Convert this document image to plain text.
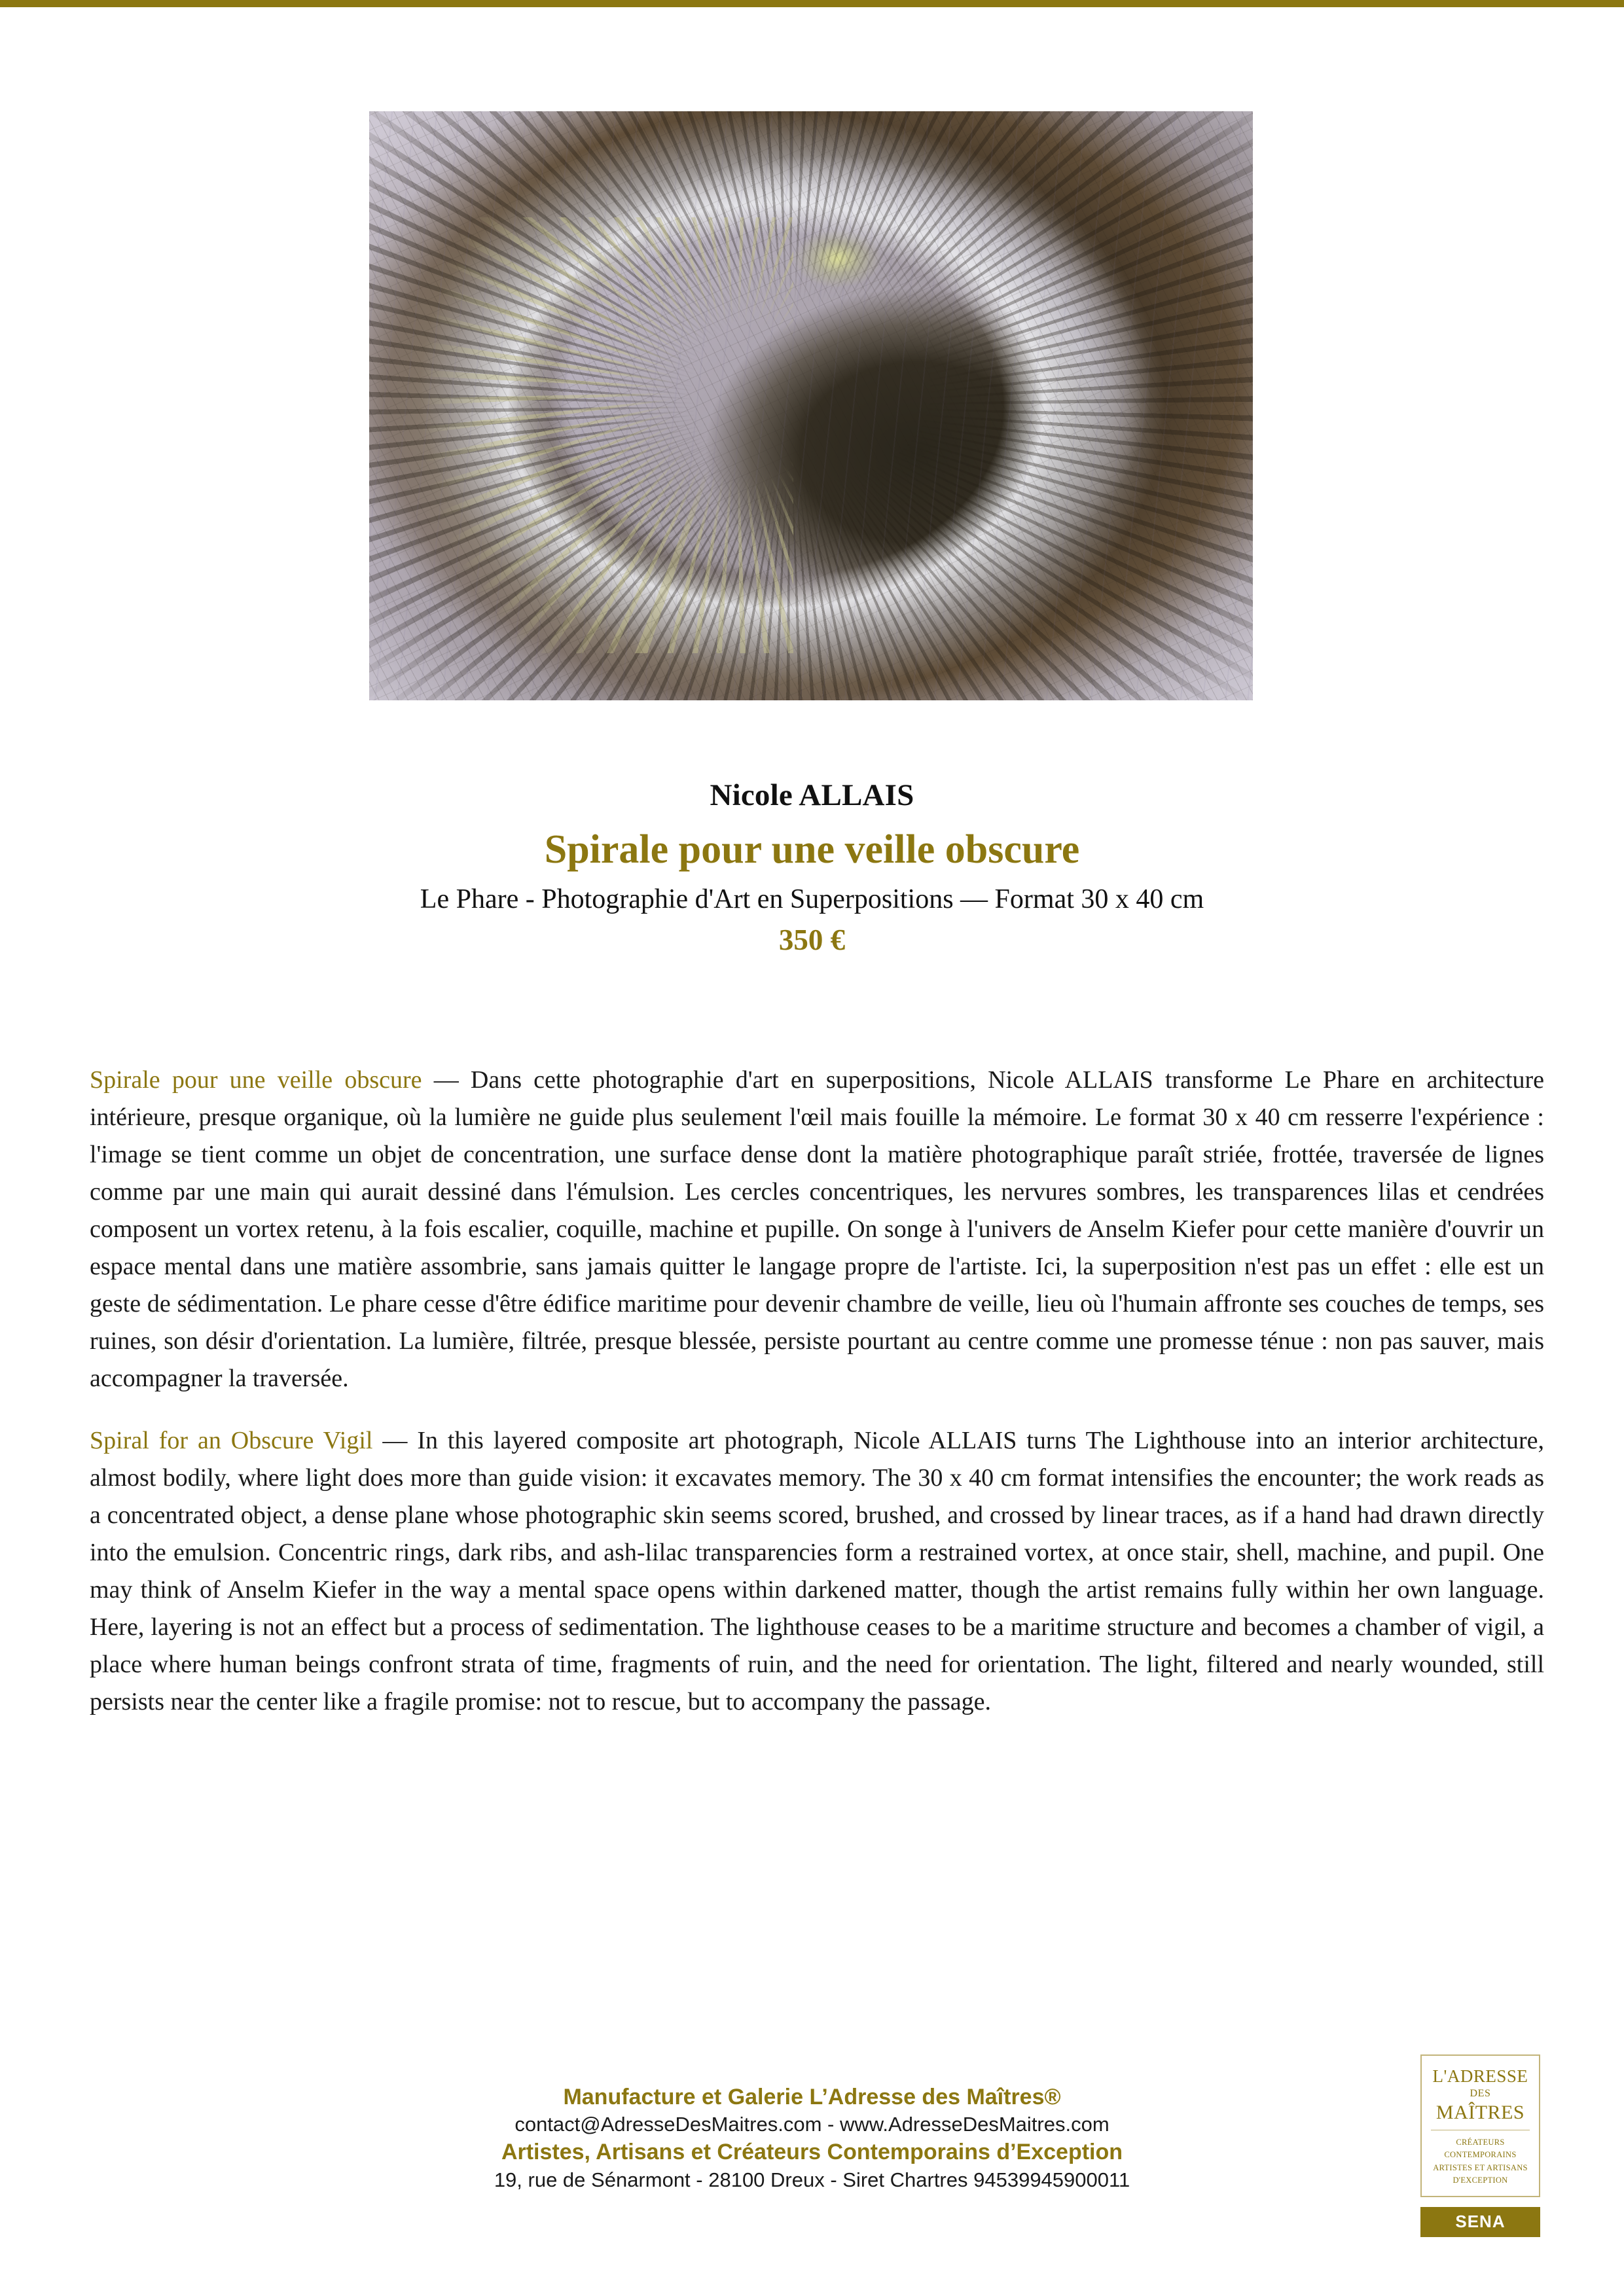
Nicole ALLAIS
Spirale pour une veille obscure
Le Phare - Photographie d'Art en Superpositions — Format 30 x 40 cm
350 €

Spirale pour une veille obscure — Dans cette photographie d'art en superpositions, Nicole ALLAIS transforme Le Phare en architecture intérieure, presque organique, où la lumière ne guide plus seulement l'œil mais fouille la mémoire. Le format 30 x 40 cm resserre l'expérience : l'image se tient comme un objet de concentration, une surface dense dont la matière photographique paraît striée, frottée, traversée de lignes comme par une main qui aurait dessiné dans l'émulsion. Les cercles concentriques, les nervures sombres, les transparences lilas et cendrées composent un vortex retenu, à la fois escalier, coquille, machine et pupille. On songe à l'univers de Anselm Kiefer pour cette manière d'ouvrir un espace mental dans une matière assombrie, sans jamais quitter le langage propre de l'artiste. Ici, la superposition n'est pas un effet : elle est un geste de sédimentation. Le phare cesse d'être édifice maritime pour devenir chambre de veille, lieu où l'humain affronte ses couches de temps, ses ruines, son désir d'orientation. La lumière, filtrée, presque blessée, persiste pourtant au centre comme une promesse ténue : non pas sauver, mais accompagner la traversée.

Spiral for an Obscure Vigil — In this layered composite art photograph, Nicole ALLAIS turns The Lighthouse into an interior architecture, almost bodily, where light does more than guide vision: it excavates memory. The 30 x 40 cm format intensifies the encounter; the work reads as a concentrated object, a dense plane whose photographic skin seems scored, brushed, and crossed by linear traces, as if a hand had drawn directly into the emulsion. Concentric rings, dark ribs, and ash-lilac transparencies form a restrained vortex, at once stair, shell, machine, and pupil. One may think of Anselm Kiefer in the way a mental space opens within darkened matter, though the artist remains fully within her own language. Here, layering is not an effect but a process of sedimentation. The lighthouse ceases to be a maritime structure and becomes a chamber of vigil, a place where human beings confront strata of time, fragments of ruin, and the need for orientation. The light, filtered and nearly wounded, still persists near the center like a fragile promise: not to rescue, but to accompany the passage.

Manufacture et Galerie L’Adresse des Maîtres®
contact@AdresseDesMaitres.com - www.AdresseDesMaitres.com
Artistes, Artisans et Créateurs Contemporains d’Exception
19, rue de Sénarmont - 28100 Dreux - Siret Chartres 94539945900011
L'ADRESSE
DES
MAÎTRES
CRÉATEURS CONTEMPORAINS
ARTISTES ET ARTISANS
D'EXCEPTION
SENA
